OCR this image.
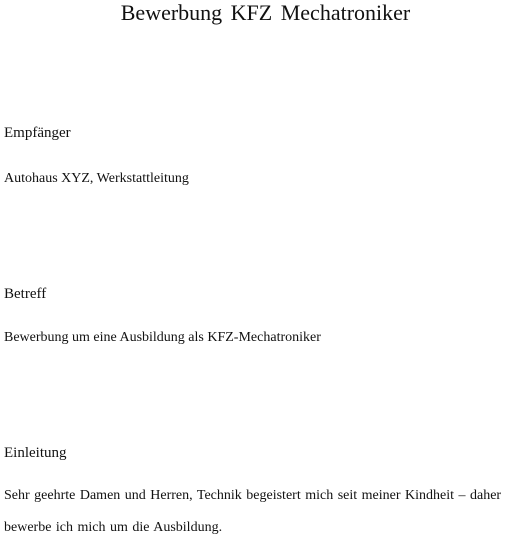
Bewerbung KFZ Mechatroniker
Empfänger

Autohaus XYZ, Werkstattleitung

Betreff

Bewerbung um eine Ausbildung als KFZ-Mechatroniker

Einleitung

Sehr geehrte Damen und Herren, Technik begeistert mich seit meiner Kindheit – daher bewerbe ich mich um die Ausbildung.
